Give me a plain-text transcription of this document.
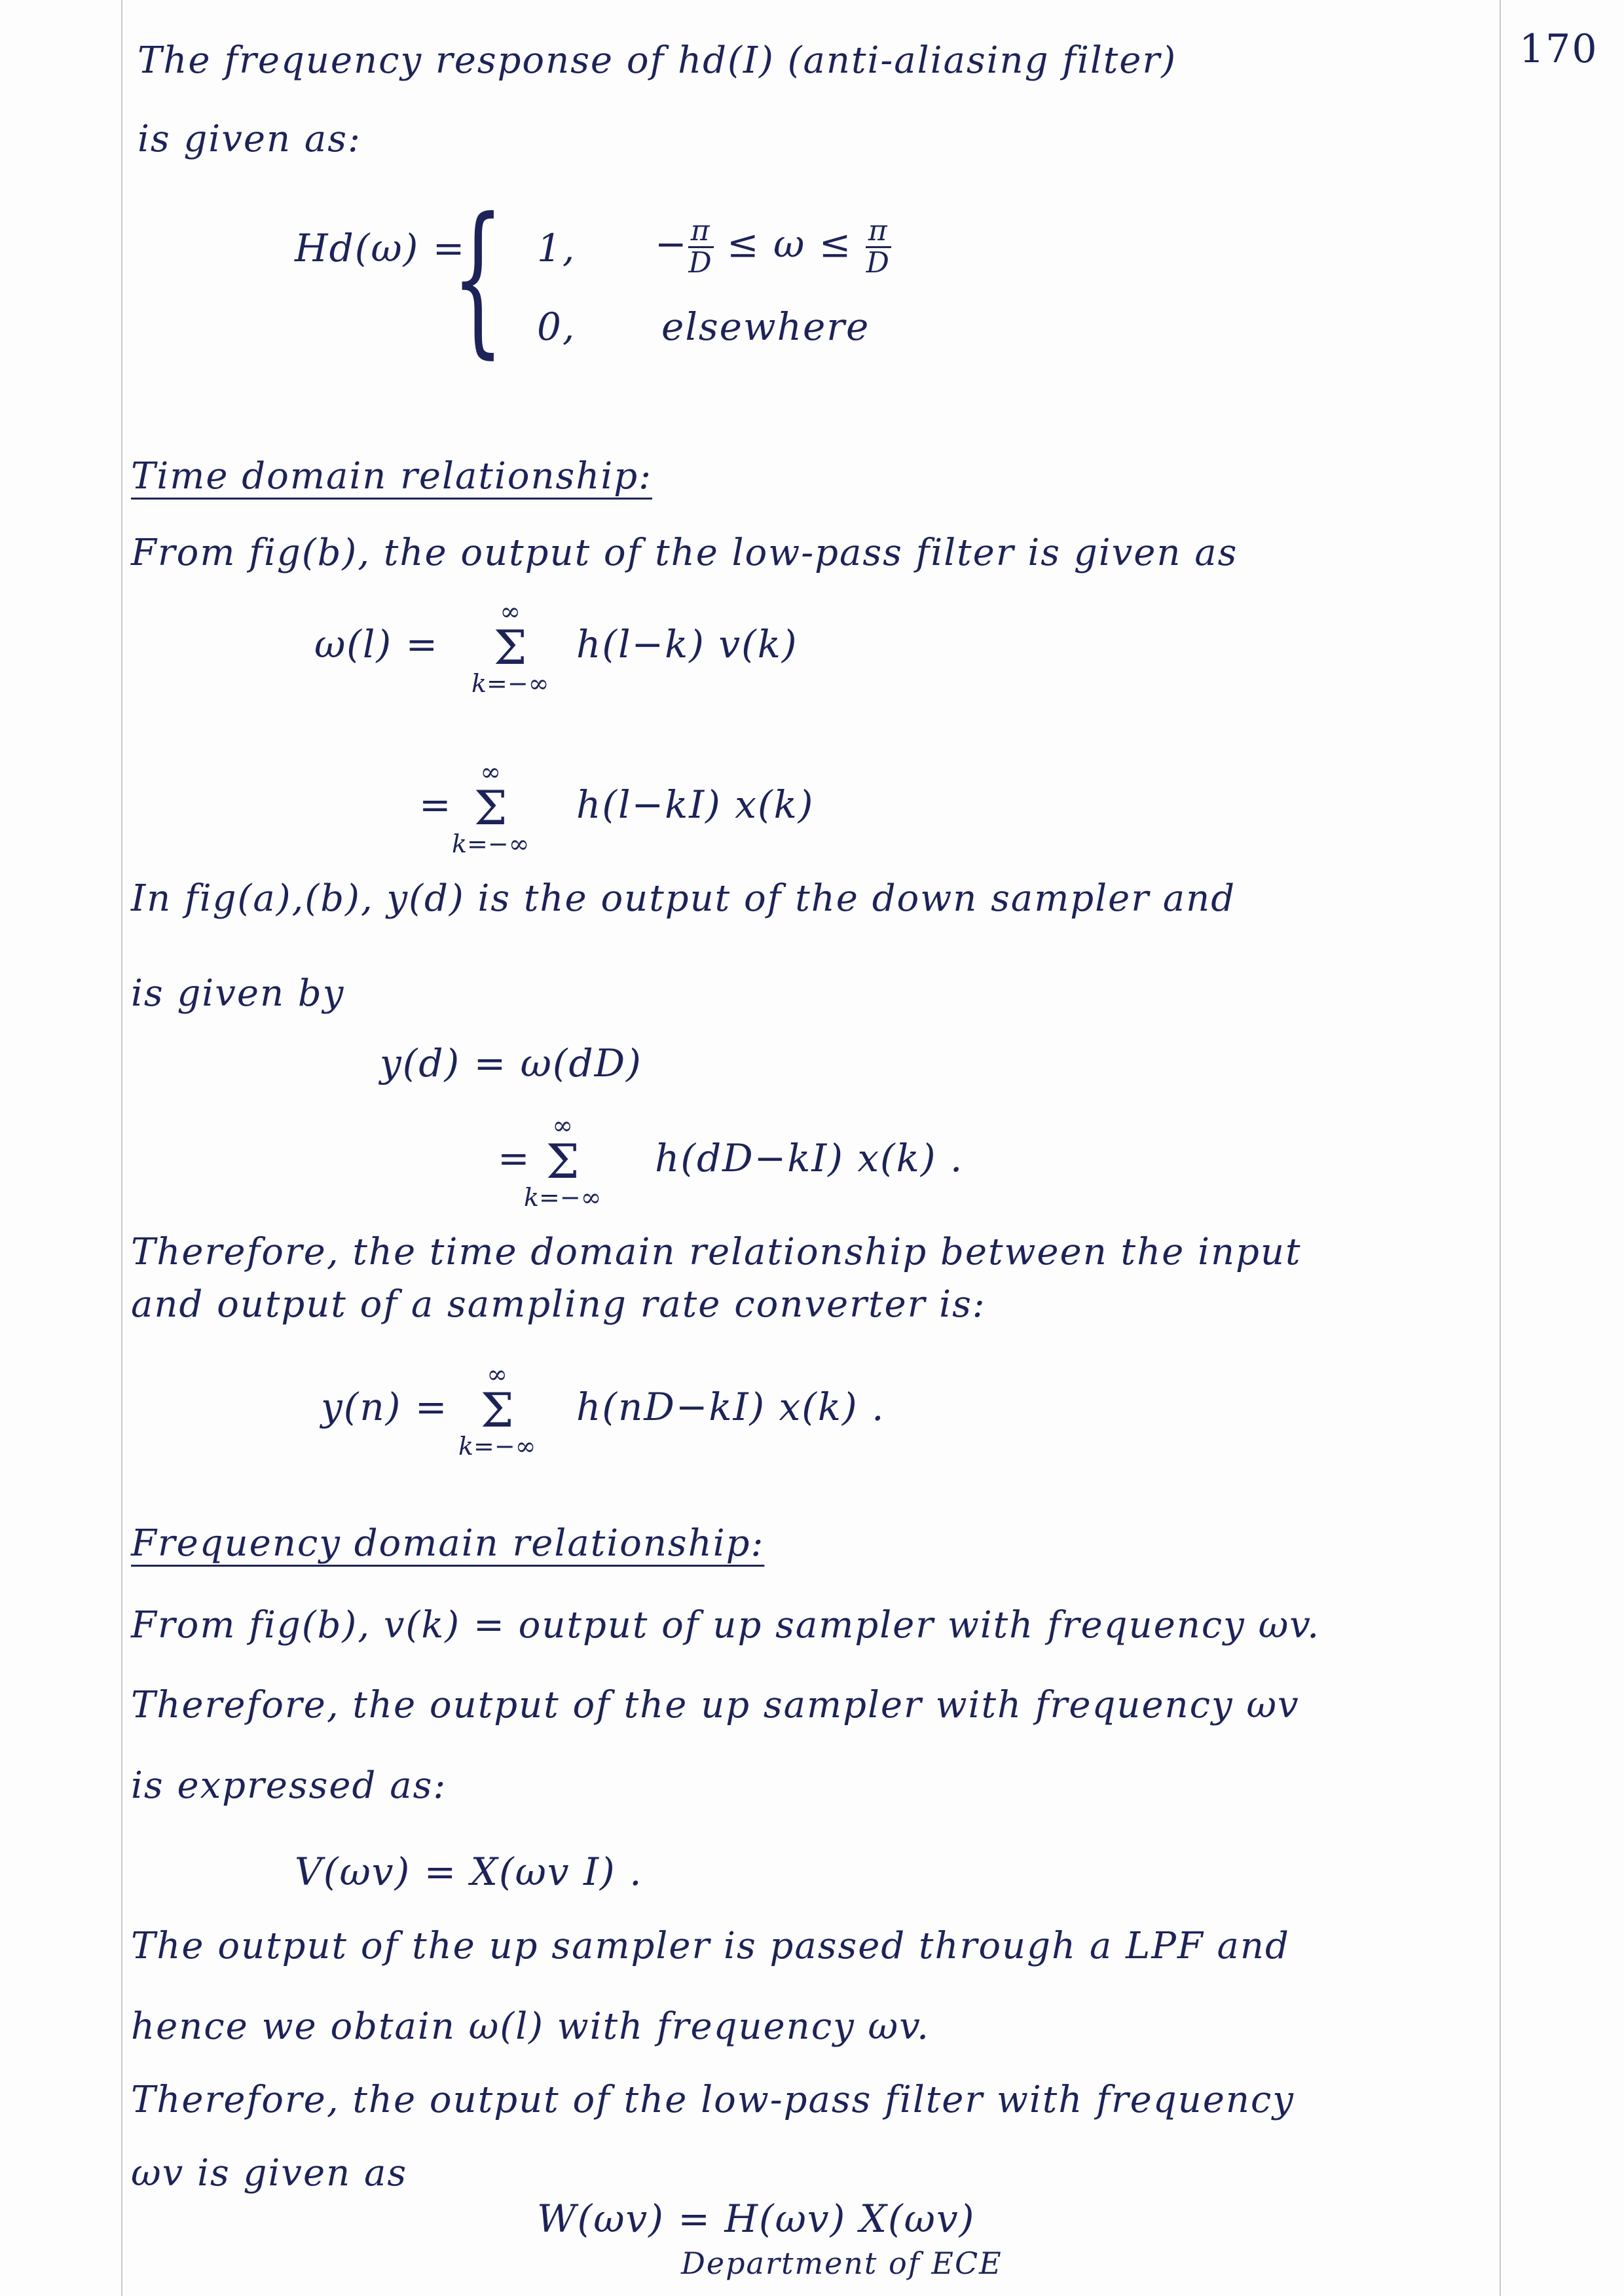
170
The frequency response of hd(I) (anti-aliasing filter)
is given as:
Hd(ω) =
{ 1, − $\frac{\pi}{D} \le \omega \le \frac{\pi}{D}$
0, elsewhere
Time domain relationship:
From fig(b), the output of the low-pass filter is given as
ω(l) =
∞
Σ
k=−∞
h(l−k) v(k)
=
∞
Σ
k=−∞
h(l−kI) x(k)
In fig(a),(b), y(d) is the output of the down sampler and
is given by
y(d) = ω(dD)
=
∞
Σ
k=−∞
h(dD−kI) x(k) .
Therefore, the time domain relationship between the input
and output of a sampling rate converter is:
y(n) =
∞
Σ
k=−∞
h(nD−kI) x(k) .
Frequency domain relationship:
From fig(b), v(k) = output of up sampler with frequency ωv.
Therefore, the output of the up sampler with frequency ωv
is expressed as:
V(ωv) = X(ωv I) .
The output of the up sampler is passed through a LPF and
hence we obtain ω(l) with frequency ωv.
Therefore, the output of the low-pass filter with frequency
ωv is given as
W(ωv) = H(ωv) X(ωv)
Department of ECE
